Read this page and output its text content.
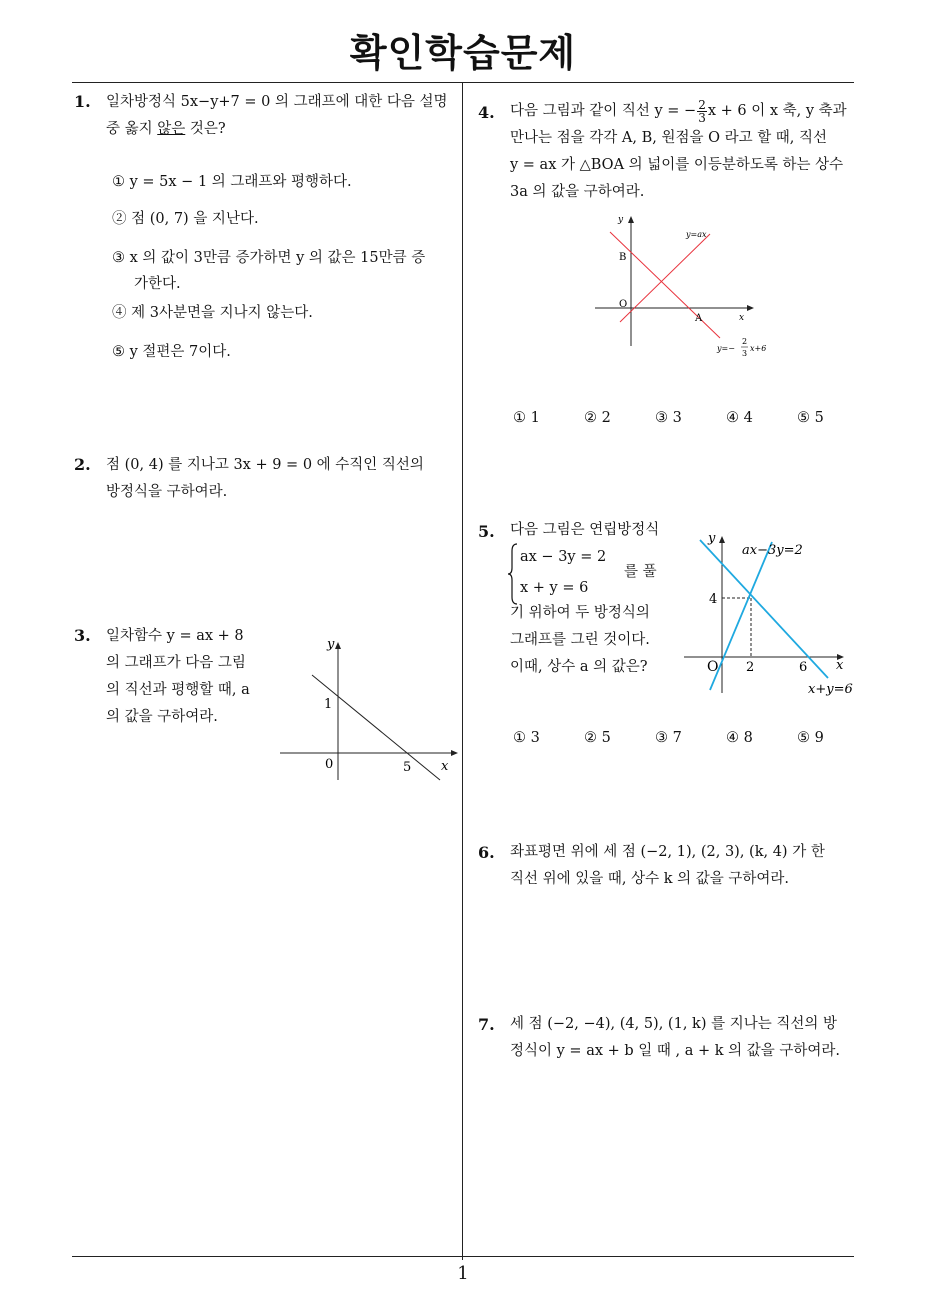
확인학습문제
1
1. 일차방정식 5x−y+7 = 0 의 그래프에 대한 다음 설명
중 옳지 않은 것은?
① y = 5x − 1 의 그래프와 평행하다.
② 점 (0, 7) 을 지난다.
③ x 의 값이 3만큼 증가하면 y 의 값은 15만큼 증
가한다.
④ 제 3사분면을 지나지 않는다.
⑤ y 절편은 7이다.
2. 점 (0, 4) 를 지나고 3x + 9 = 0 에 수직인 직선의
방정식을 구하여라.
3. 일차함수 y = ax + 8
의 그래프가 다음 그림
의 직선과 평행할 때, a
의 값을 구하여라.
y
x
0
1
5
4. 다음 그림과 같이 직선 y = − $\frac{2}{3}$ x + 6 이 x 축, y 축과
만나는 점을 각각 A, B, 원점을 O 라고 할 때, 직선
y = ax 가 △BOA 의 넓이를 이등분하도록 하는 상수
3a 의 값을 구하여라.
y
x
B
O
A
y=ax
y=−
2
3
x+6
① 1	② 2	③ 3	④ 4	⑤ 5
5. 다음 그림은 연립방정식
ax − 3y = 2
x + y = 6
를 풀
기 위하여 두 방정식의
그래프를 그린 것이다.
이때, 상수 a 의 값은?
y
x
O 2	6
4
ax−3y=2
x+y=6
① 3	② 5	③ 7	④ 8	⑤ 9
6. 좌표평면 위에 세 점 (−2, 1), (2, 3), (k, 4) 가 한
직선 위에 있을 때, 상수 k 의 값을 구하여라.
7. 세 점 (−2, −4), (4, 5), (1, k) 를 지나는 직선의 방
정식이 y = ax + b 일 때 , a + k 의 값을 구하여라.
